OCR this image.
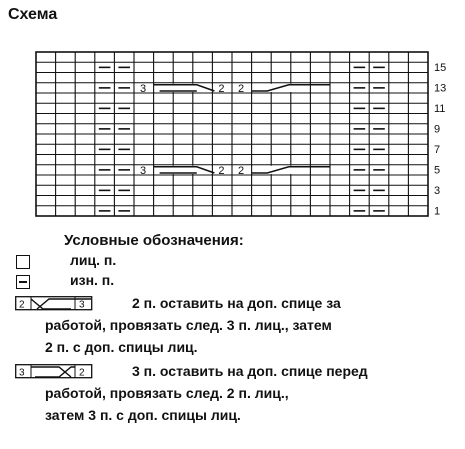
Схема
15
13
11
9
7
5
3
1
3	2 2
3	2 2
Условные обозначения:
лиц. п.
изн. п.
2	3	2 п. оставить на доп. спице за
работой, провязать след. 3 п. лиц., затем
2 п. с доп. спицы лиц.
3	2	3 п. оставить на доп. спице перед
работой, провязать след. 2 п. лиц.,
затем 3 п. с доп. спицы лиц.
